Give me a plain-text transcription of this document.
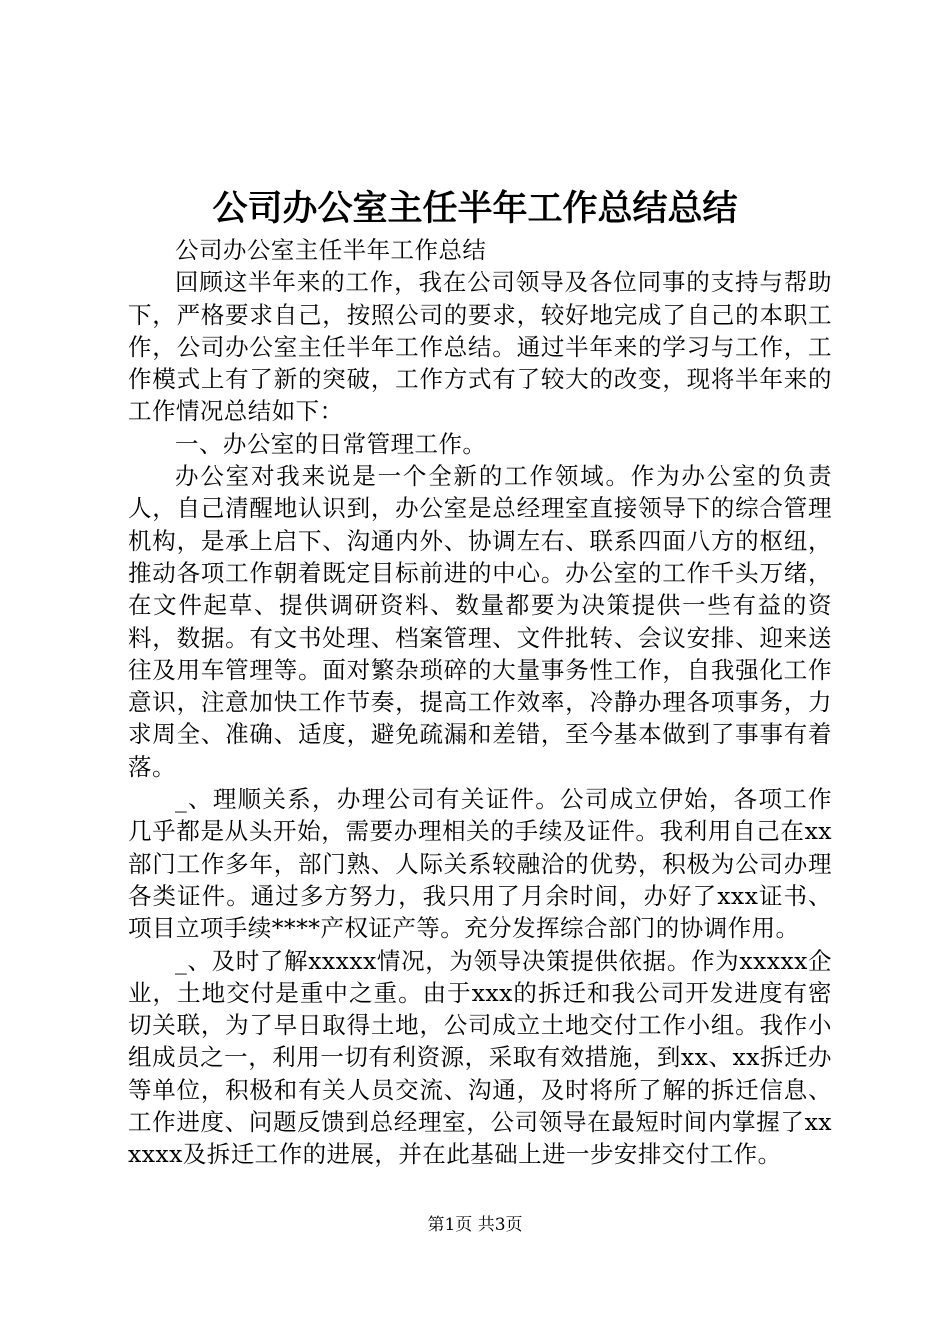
公司办公室主任半年工作总结总结

公司办公室主任半年工作总结

回顾这半年来的工作，我在公司领导及各位同事的支持与帮助下，严格要求自己，按照公司的要求，较好地完成了自己的本职工作，公司办公室主任半年工作总结。通过半年来的学习与工作，工作模式上有了新的突破，工作方式有了较大的改变，现将半年来的工作情况总结如下：

一、办公室的日常管理工作。

办公室对我来说是一个全新的工作领域。作为办公室的负责人，自己清醒地认识到，办公室是总经理室直接领导下的综合管理机构，是承上启下、沟通内外、协调左右、联系四面八方的枢纽，推动各项工作朝着既定目标前进的中心。办公室的工作千头万绪，在文件起草、提供调研资料、数量都要为决策提供一些有益的资料，数据。有文书处理、档案管理、文件批转、会议安排、迎来送往及用车管理等。面对繁杂琐碎的大量事务性工作，自我强化工作意识，注意加快工作节奏，提高工作效率，冷静办理各项事务，力求周全、准确、适度，避免疏漏和差错，至今基本做到了事事有着落。

_、理顺关系，办理公司有关证件。公司成立伊始，各项工作几乎都是从头开始，需要办理相关的手续及证件。我利用自己在xx部门工作多年，部门熟、人际关系较融洽的优势，积极为公司办理各类证件。通过多方努力，我只用了月余时间，办好了xxx证书、项目立项手续****产权证产等。充分发挥综合部门的协调作用。

_、及时了解xxxxx情况，为领导决策提供依据。作为xxxxx企业，土地交付是重中之重。由于xxx的拆迁和我公司开发进度有密切关联，为了早日取得土地，公司成立土地交付工作小组。我作小组成员之一，利用一切有利资源，采取有效措施，到xx、xx拆迁办等单位，积极和有关人员交流、沟通，及时将所了解的拆迁信息、工作进度、问题反馈到总经理室，公司领导在最短时间内掌握了xxxxxx及拆迁工作的进展，并在此基础上进一步安排交付工作。

第1页 共3页
